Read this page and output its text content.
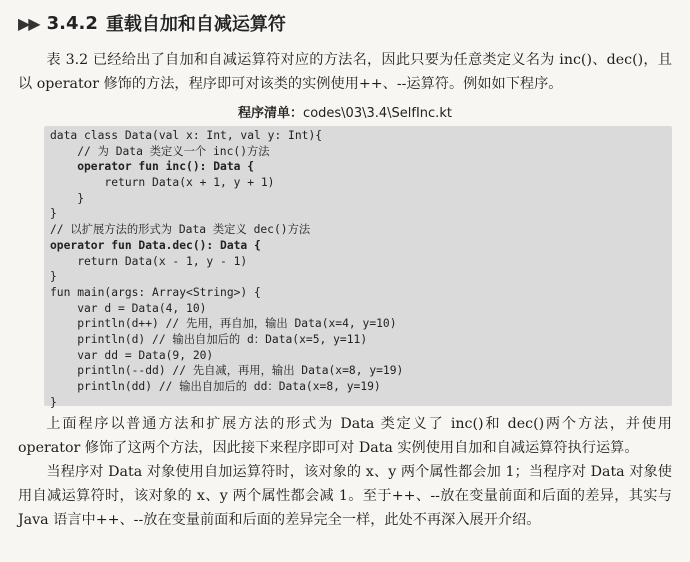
▶▶ 3.4.2 重载自加和自减运算符
表 3.2 已经给出了自加和自减运算符对应的方法名，因此只要为任意类定义名为 inc()、dec()，且以 operator 修饰的方法，程序即可对该类的实例使用++、--运算符。例如如下程序。
程序清单：codes\03\3.4\SelfInc.kt
data class Data(val x: Int, val y: Int){
// 为 Data 类定义一个 inc()方法
operator fun inc(): Data {
return Data(x + 1, y + 1)
}
}
// 以扩展方法的形式为 Data 类定义 dec()方法
operator fun Data.dec(): Data {
return Data(x - 1, y - 1)
}
fun main(args: Array<String>) {
var d = Data(4, 10)
println(d++) // 先用，再自加，输出 Data(x=4, y=10)
println(d) // 输出自加后的 d：Data(x=5, y=11)
var dd = Data(9, 20)
println(--dd) // 先自减，再用，输出 Data(x=8, y=19)
println(dd) // 输出自加后的 dd：Data(x=8, y=19)
}
上面程序以普通方法和扩展方法的形式为 Data 类定义了 inc()和 dec()两个方法，并使用 operator 修饰了这两个方法，因此接下来程序即可对 Data 实例使用自加和自减运算符执行运算。
当程序对 Data 对象使用自加运算符时，该对象的 x、y 两个属性都会加 1；当程序对 Data 对象使用自减运算符时，该对象的 x、y 两个属性都会减 1。至于++、--放在变量前面和后面的差异，其实与 Java 语言中++、--放在变量前面和后面的差异完全一样，此处不再深入展开介绍。
